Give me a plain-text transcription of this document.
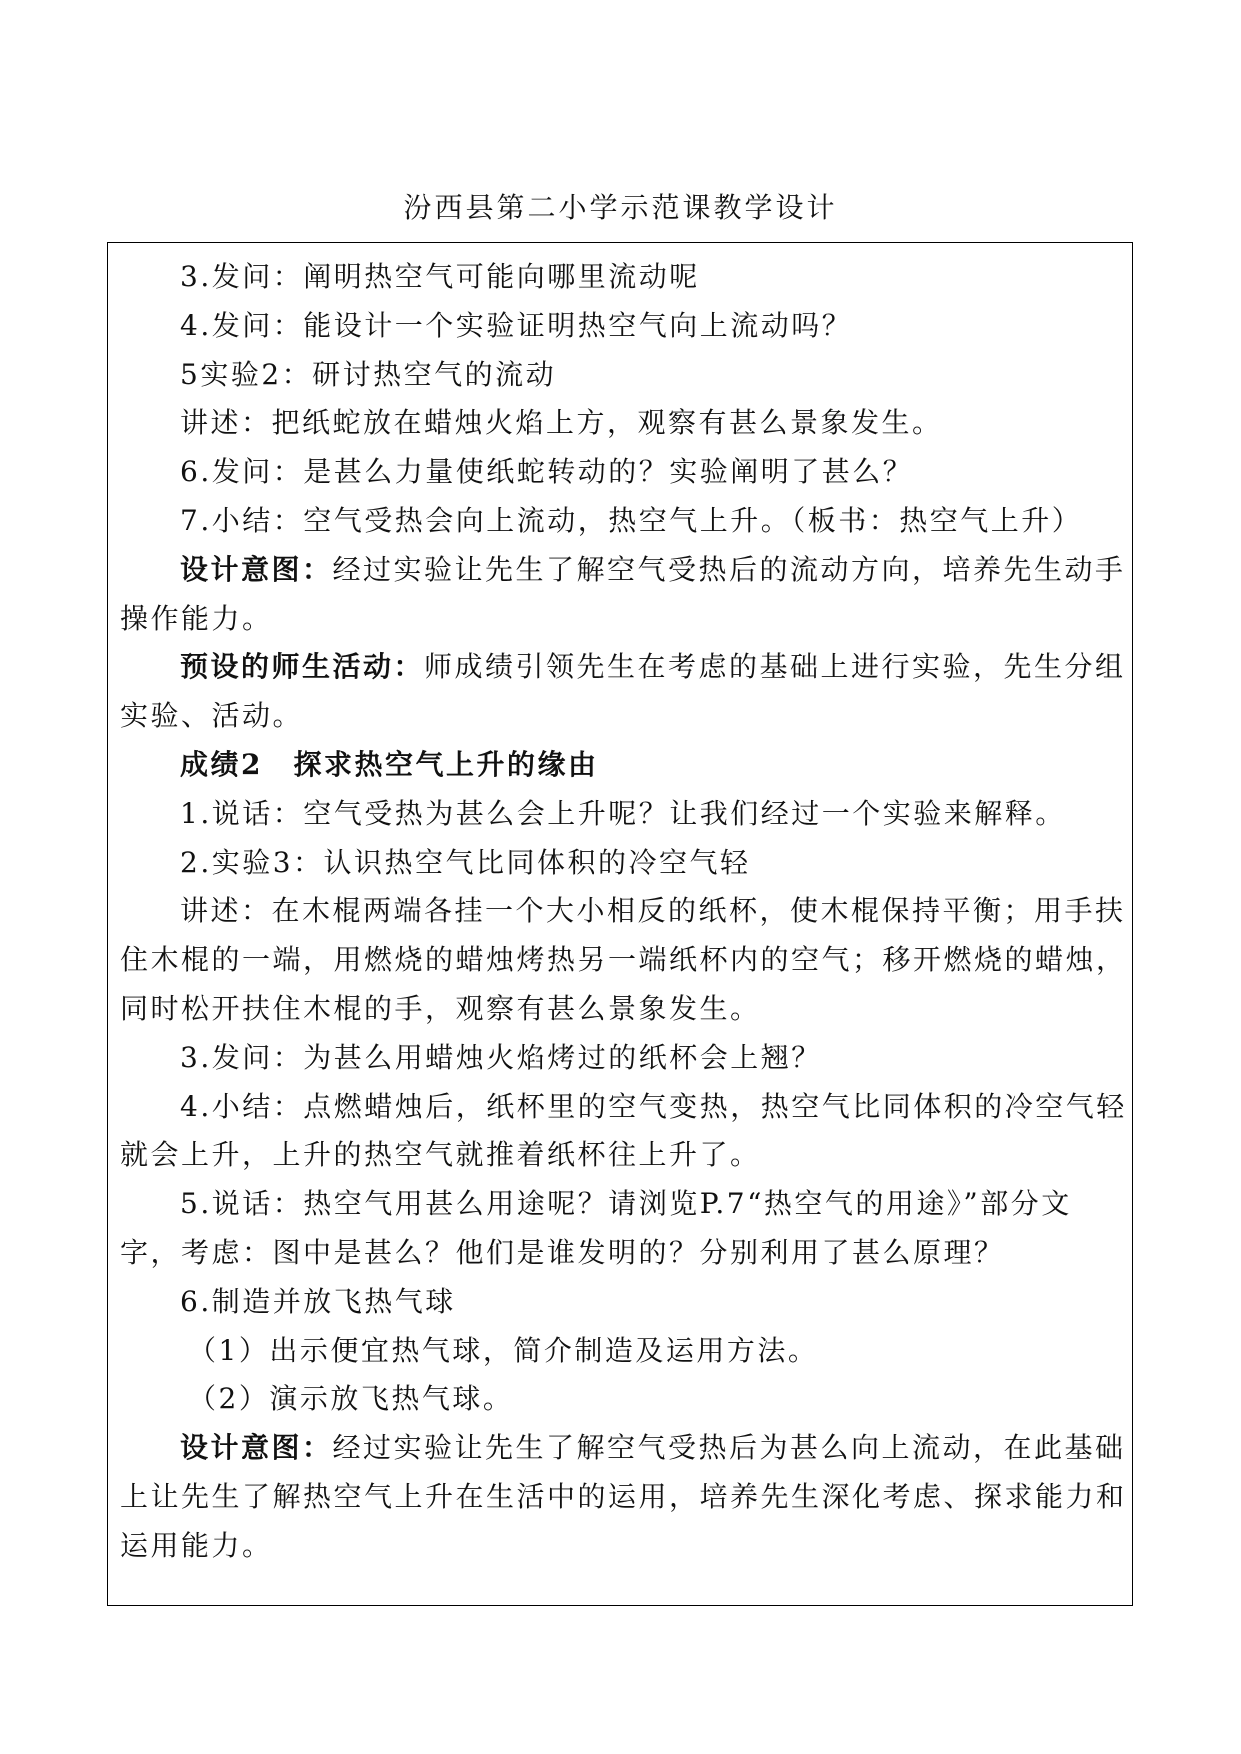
汾西县第二小学示范课教学设计

3.发问：阐明热空气可能向哪里流动呢

4.发问：能设计一个实验证明热空气向上流动吗？

5实验2：研讨热空气的流动

讲述：把纸蛇放在蜡烛火焰上方，观察有甚么景象发生。

6.发问：是甚么力量使纸蛇转动的？实验阐明了甚么？

7.小结：空气受热会向上流动，热空气上升。（板书：热空气上升）

设计意图：经过实验让先生了解空气受热后的流动方向，培养先生动手

操作能力。

预设的师生活动：师成绩引领先生在考虑的基础上进行实验，先生分组

实验、活动。

成绩2　探求热空气上升的缘由

1.说话：空气受热为甚么会上升呢？让我们经过一个实验来解释。

2.实验3：认识热空气比同体积的冷空气轻

讲述：在木棍两端各挂一个大小相反的纸杯，使木棍保持平衡；用手扶

住木棍的一端，用燃烧的蜡烛烤热另一端纸杯内的空气；移开燃烧的蜡烛，

同时松开扶住木棍的手，观察有甚么景象发生。

3.发问：为甚么用蜡烛火焰烤过的纸杯会上翘？

4.小结：点燃蜡烛后，纸杯里的空气变热，热空气比同体积的冷空气轻

就会上升，上升的热空气就推着纸杯往上升了。

5.说话：热空气用甚么用途呢？请浏览P.7“热空气的用途》”部分文

字，考虑：图中是甚么？他们是谁发明的？分别利用了甚么原理？

6.制造并放飞热气球

（1）出示便宜热气球，简介制造及运用方法。

（2）演示放飞热气球。

设计意图：经过实验让先生了解空气受热后为甚么向上流动，在此基础

上让先生了解热空气上升在生活中的运用，培养先生深化考虑、探求能力和

运用能力。
